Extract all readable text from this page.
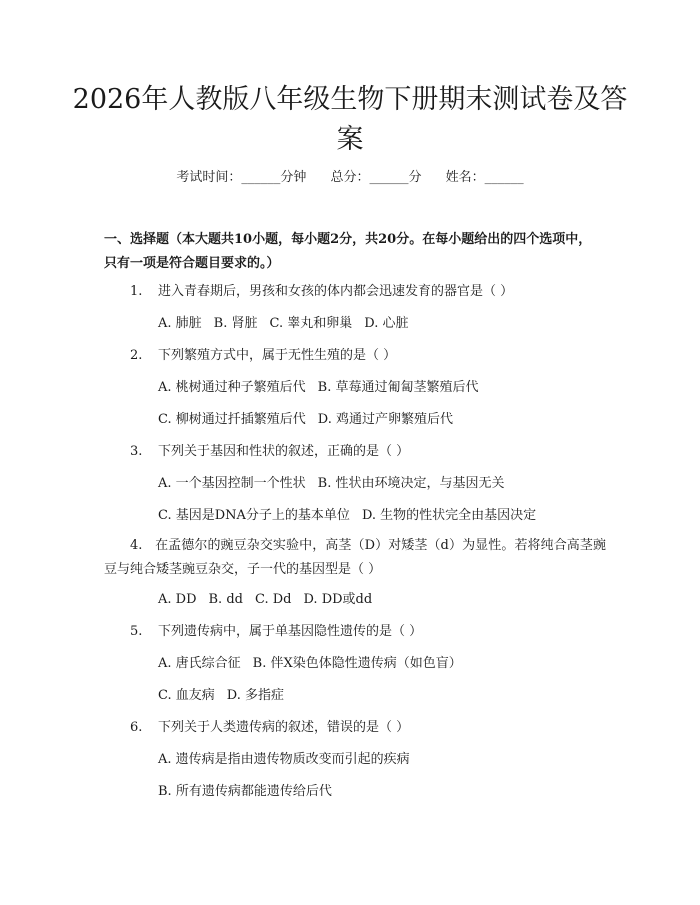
2026年人教版八年级生物下册期末测试卷及答案
考试时间：______分钟 总分：______分 姓名：______

一、选择题（本大题共10小题，每小题2分，共20分。在每小题给出的四个选项中，只有一项是符合题目要求的。）

1. 进入青春期后，男孩和女孩的体内都会迅速发育的器官是（ ）
A. 肺脏 B. 肾脏 C. 睾丸和卵巢 D. 心脏
2. 下列繁殖方式中，属于无性生殖的是（ ）
A. 桃树通过种子繁殖后代 B. 草莓通过匍匐茎繁殖后代
C. 柳树通过扦插繁殖后代 D. 鸡通过产卵繁殖后代
3. 下列关于基因和性状的叙述，正确的是（ ）
A. 一个基因控制一个性状 B. 性状由环境决定，与基因无关
C. 基因是DNA分子上的基本单位 D. 生物的性状完全由基因决定

4. 在孟德尔的豌豆杂交实验中，高茎（D）对矮茎（d）为显性。若将纯合高茎豌豆与纯合矮茎豌豆杂交，子一代的基因型是（ ）

A. DD B. dd C. Dd D. DD或dd
5. 下列遗传病中，属于单基因隐性遗传的是（ ）
A. 唐氏综合征 B. 伴X染色体隐性遗传病（如色盲）
C. 血友病 D. 多指症
6. 下列关于人类遗传病的叙述，错误的是（ ）
A. 遗传病是指由遗传物质改变而引起的疾病
B. 所有遗传病都能遗传给后代
